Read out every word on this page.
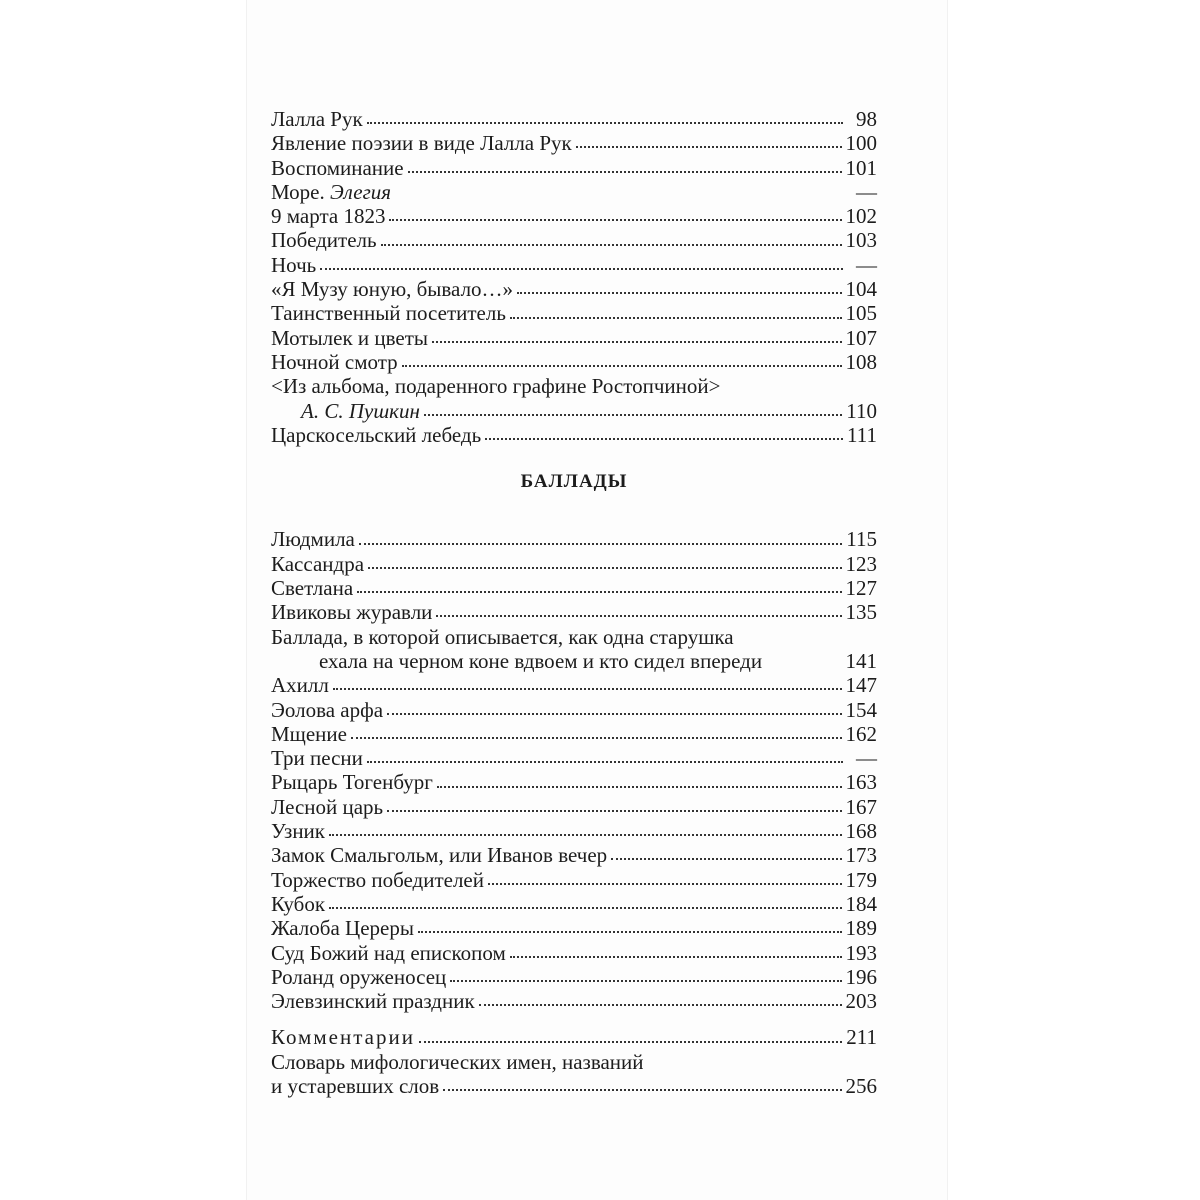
Лалла Рук	98
Явление поэзии в виде Лалла Рук	100
Воспоминание	101
Море. Элегия	—
9 марта 1823	102
Победитель	103
Ночь	—
«Я Музу юную, бывало…»	104
Таинственный посетитель	105
Мотылек и цветы	107
Ночной смотр	108
<Из альбома, подаренного графине Ростопчиной>
А. С. Пушкин	110
Царскосельский лебедь	111
БАЛЛАДЫ
Людмила	115
Кассандра	123
Светлана	127
Ивиковы журавли	135
Баллада, в которой описывается, как одна старушка
ехала на черном коне вдвоем и кто сидел впереди	141
Ахилл	147
Эолова арфа	154
Мщение	162
Три песни	—
Рыцарь Тогенбург	163
Лесной царь	167
Узник	168
Замок Смальгольм, или Иванов вечер	173
Торжество победителей	179
Кубок	184
Жалоба Цереры	189
Суд Божий над епископом	193
Роланд оруженосец	196
Элевзинский праздник	203
Комментарии	211
Словарь мифологических имен, названий
и устаревших слов	256
